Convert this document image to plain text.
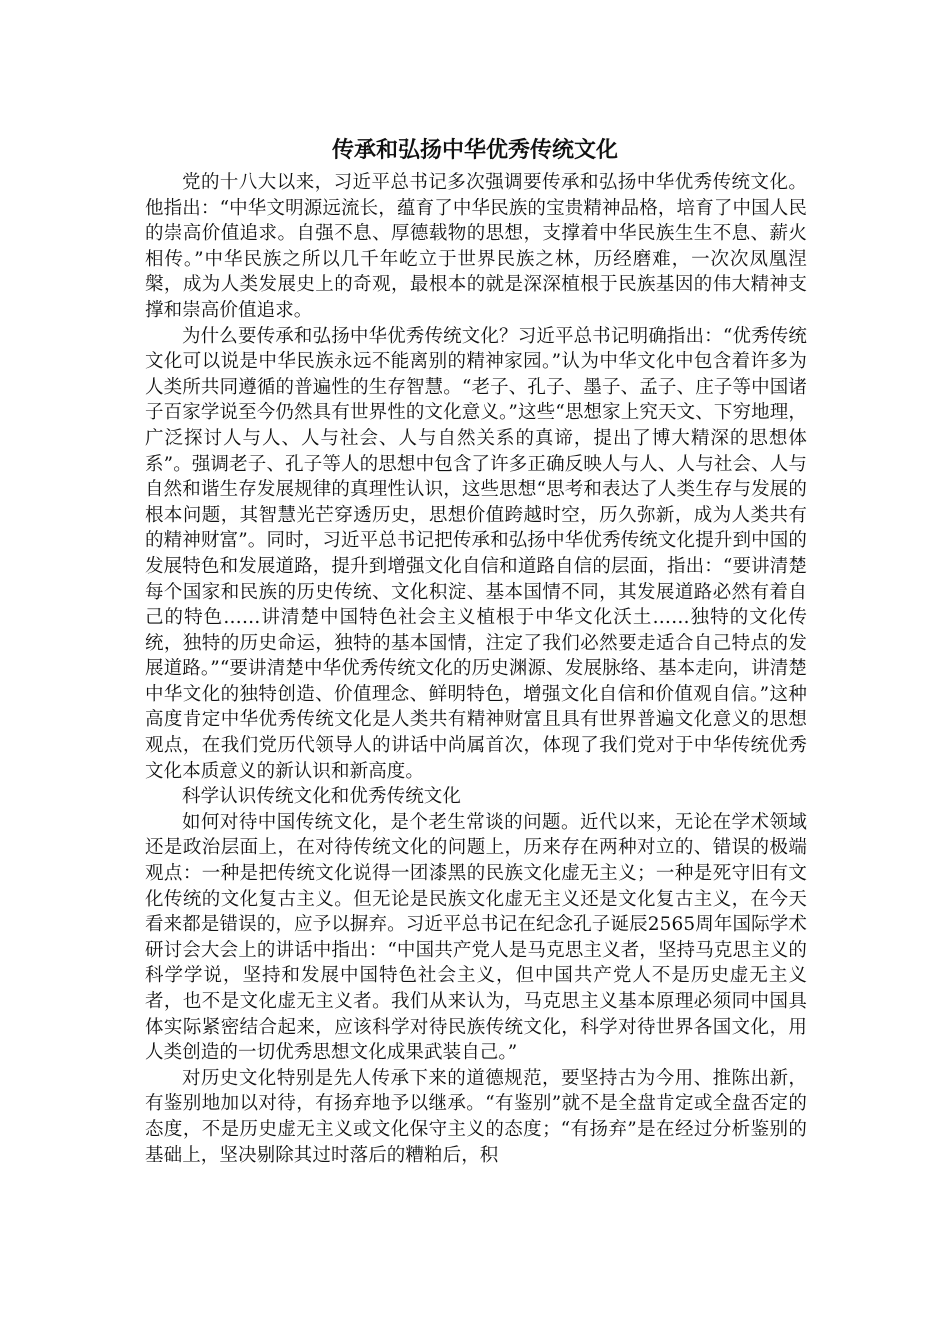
传承和弘扬中华优秀传统文化

党的十八大以来，习近平总书记多次强调要传承和弘扬中华优秀传统文化。他指出：“中华文明源远流长，蕴育了中华民族的宝贵精神品格，培育了中国人民的崇高价值追求。自强不息、厚德载物的思想，支撑着中华民族生生不息、薪火相传。”中华民族之所以几千年屹立于世界民族之林，历经磨难，一次次凤凰涅槃，成为人类发展史上的奇观，最根本的就是深深植根于民族基因的伟大精神支撑和崇高价值追求。

为什么要传承和弘扬中华优秀传统文化？习近平总书记明确指出：“优秀传统文化可以说是中华民族永远不能离别的精神家园。”认为中华文化中包含着许多为人类所共同遵循的普遍性的生存智慧。“老子、孔子、墨子、孟子、庄子等中国诸子百家学说至今仍然具有世界性的文化意义。”这些“思想家上究天文、下穷地理，广泛探讨人与人、人与社会、人与自然关系的真谛，提出了博大精深的思想体系”。强调老子、孔子等人的思想中包含了许多正确反映人与人、人与社会、人与自然和谐生存发展规律的真理性认识，这些思想“思考和表达了人类生存与发展的根本问题，其智慧光芒穿透历史，思想价值跨越时空，历久弥新，成为人类共有的精神财富”。同时，习近平总书记把传承和弘扬中华优秀传统文化提升到中国的发展特色和发展道路，提升到增强文化自信和道路自信的层面，指出：“要讲清楚每个国家和民族的历史传统、文化积淀、基本国情不同，其发展道路必然有着自己的特色……讲清楚中国特色社会主义植根于中华文化沃土……独特的文化传统，独特的历史命运，独特的基本国情，注定了我们必然要走适合自己特点的发展道路。”“要讲清楚中华优秀传统文化的历史渊源、发展脉络、基本走向，讲清楚中华文化的独特创造、价值理念、鲜明特色，增强文化自信和价值观自信。”这种高度肯定中华优秀传统文化是人类共有精神财富且具有世界普遍文化意义的思想观点，在我们党历代领导人的讲话中尚属首次，体现了我们党对于中华传统优秀文化本质意义的新认识和新高度。

科学认识传统文化和优秀传统文化

如何对待中国传统文化，是个老生常谈的问题。近代以来，无论在学术领域还是政治层面上，在对待传统文化的问题上，历来存在两种对立的、错误的极端观点：一种是把传统文化说得一团漆黑的民族文化虚无主义；一种是死守旧有文化传统的文化复古主义。但无论是民族文化虚无主义还是文化复古主义，在今天看来都是错误的，应予以摒弃。习近平总书记在纪念孔子诞辰2565周年国际学术研讨会大会上的讲话中指出：“中国共产党人是马克思主义者，坚持马克思主义的科学学说，坚持和发展中国特色社会主义，但中国共产党人不是历史虚无主义者，也不是文化虚无主义者。我们从来认为，马克思主义基本原理必须同中国具体实际紧密结合起来，应该科学对待民族传统文化，科学对待世界各国文化，用人类创造的一切优秀思想文化成果武装自己。”

对历史文化特别是先人传承下来的道德规范，要坚持古为今用、推陈出新，有鉴别地加以对待，有扬弃地予以继承。“有鉴别”就不是全盘肯定或全盘否定的态度，不是历史虚无主义或文化保守主义的态度；“有扬弃”是在经过分析鉴别的基础上，坚决剔除其过时落后的糟粕后，积
